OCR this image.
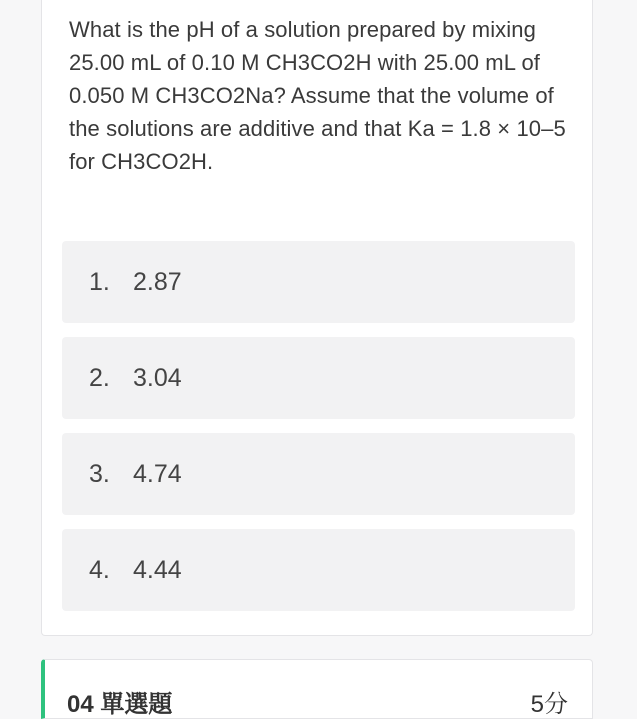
What is the pH of a solution prepared by mixing 25.00 mL of 0.10 M CH3CO2H with 25.00 mL of 0.050 M CH3CO2Na? Assume that the volume of the solutions are additive and that Ka = 1.8 × 10–5 for CH3CO2H.

1. 2.87
2. 3.04
3. 4.74
4. 4.44
04 單選題	5分
